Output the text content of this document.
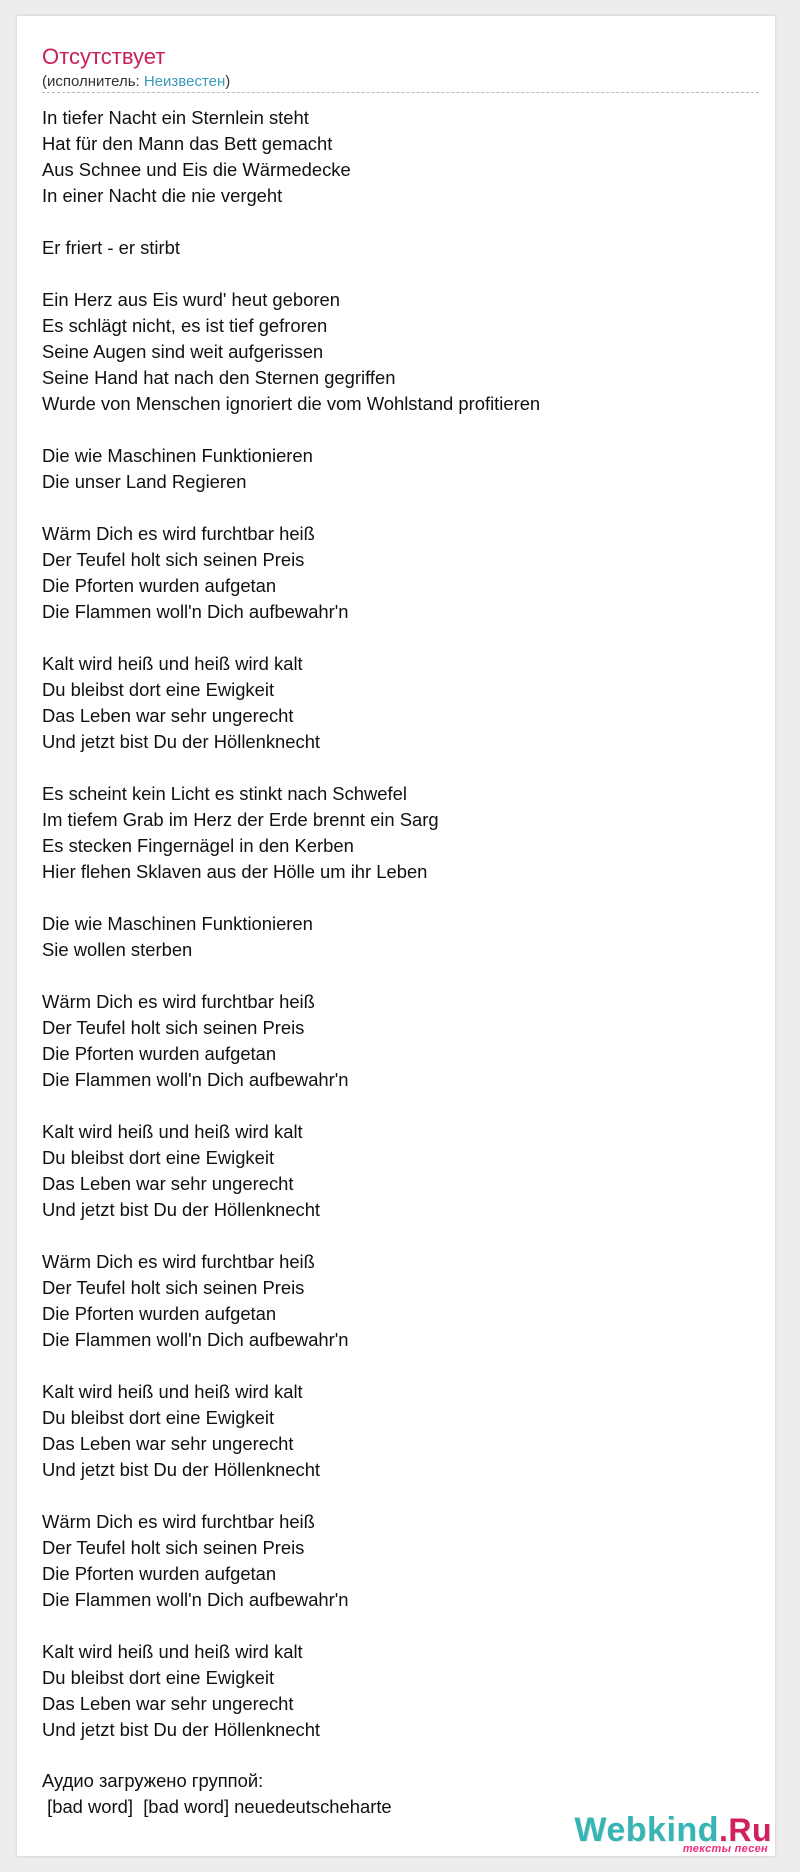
Отсутствует
(исполнитель: Неизвестен)
In tiefer Nacht ein Sternlein steht
Hat für den Mann das Bett gemacht
Aus Schnee und Eis die Wärmedecke
In einer Nacht die nie vergeht
Er friert - er stirbt
Ein Herz aus Eis wurd' heut geboren
Es schlägt nicht, es ist tief gefroren
Seine Augen sind weit aufgerissen
Seine Hand hat nach den Sternen gegriffen
Wurde von Menschen ignoriert die vom Wohlstand profitieren
Die wie Maschinen Funktionieren
Die unser Land Regieren
Wärm Dich es wird furchtbar heiß
Der Teufel holt sich seinen Preis
Die Pforten wurden aufgetan
Die Flammen woll'n Dich aufbewahr'n
Kalt wird heiß und heiß wird kalt
Du bleibst dort eine Ewigkeit
Das Leben war sehr ungerecht
Und jetzt bist Du der Höllenknecht
Es scheint kein Licht es stinkt nach Schwefel
Im tiefem Grab im Herz der Erde brennt ein Sarg
Es stecken Fingernägel in den Kerben
Hier flehen Sklaven aus der Hölle um ihr Leben
Die wie Maschinen Funktionieren
Sie wollen sterben
Wärm Dich es wird furchtbar heiß
Der Teufel holt sich seinen Preis
Die Pforten wurden aufgetan
Die Flammen woll'n Dich aufbewahr'n
Kalt wird heiß und heiß wird kalt
Du bleibst dort eine Ewigkeit
Das Leben war sehr ungerecht
Und jetzt bist Du der Höllenknecht
Wärm Dich es wird furchtbar heiß
Der Teufel holt sich seinen Preis
Die Pforten wurden aufgetan
Die Flammen woll'n Dich aufbewahr'n
Kalt wird heiß und heiß wird kalt
Du bleibst dort eine Ewigkeit
Das Leben war sehr ungerecht
Und jetzt bist Du der Höllenknecht
Wärm Dich es wird furchtbar heiß
Der Teufel holt sich seinen Preis
Die Pforten wurden aufgetan
Die Flammen woll'n Dich aufbewahr'n
Kalt wird heiß und heiß wird kalt
Du bleibst dort eine Ewigkeit
Das Leben war sehr ungerecht
Und jetzt bist Du der Höllenknecht
Аудио загружено группой:
[bad word]  [bad word] neuedeutscheharte
Webkind.Ru
тексты песен
